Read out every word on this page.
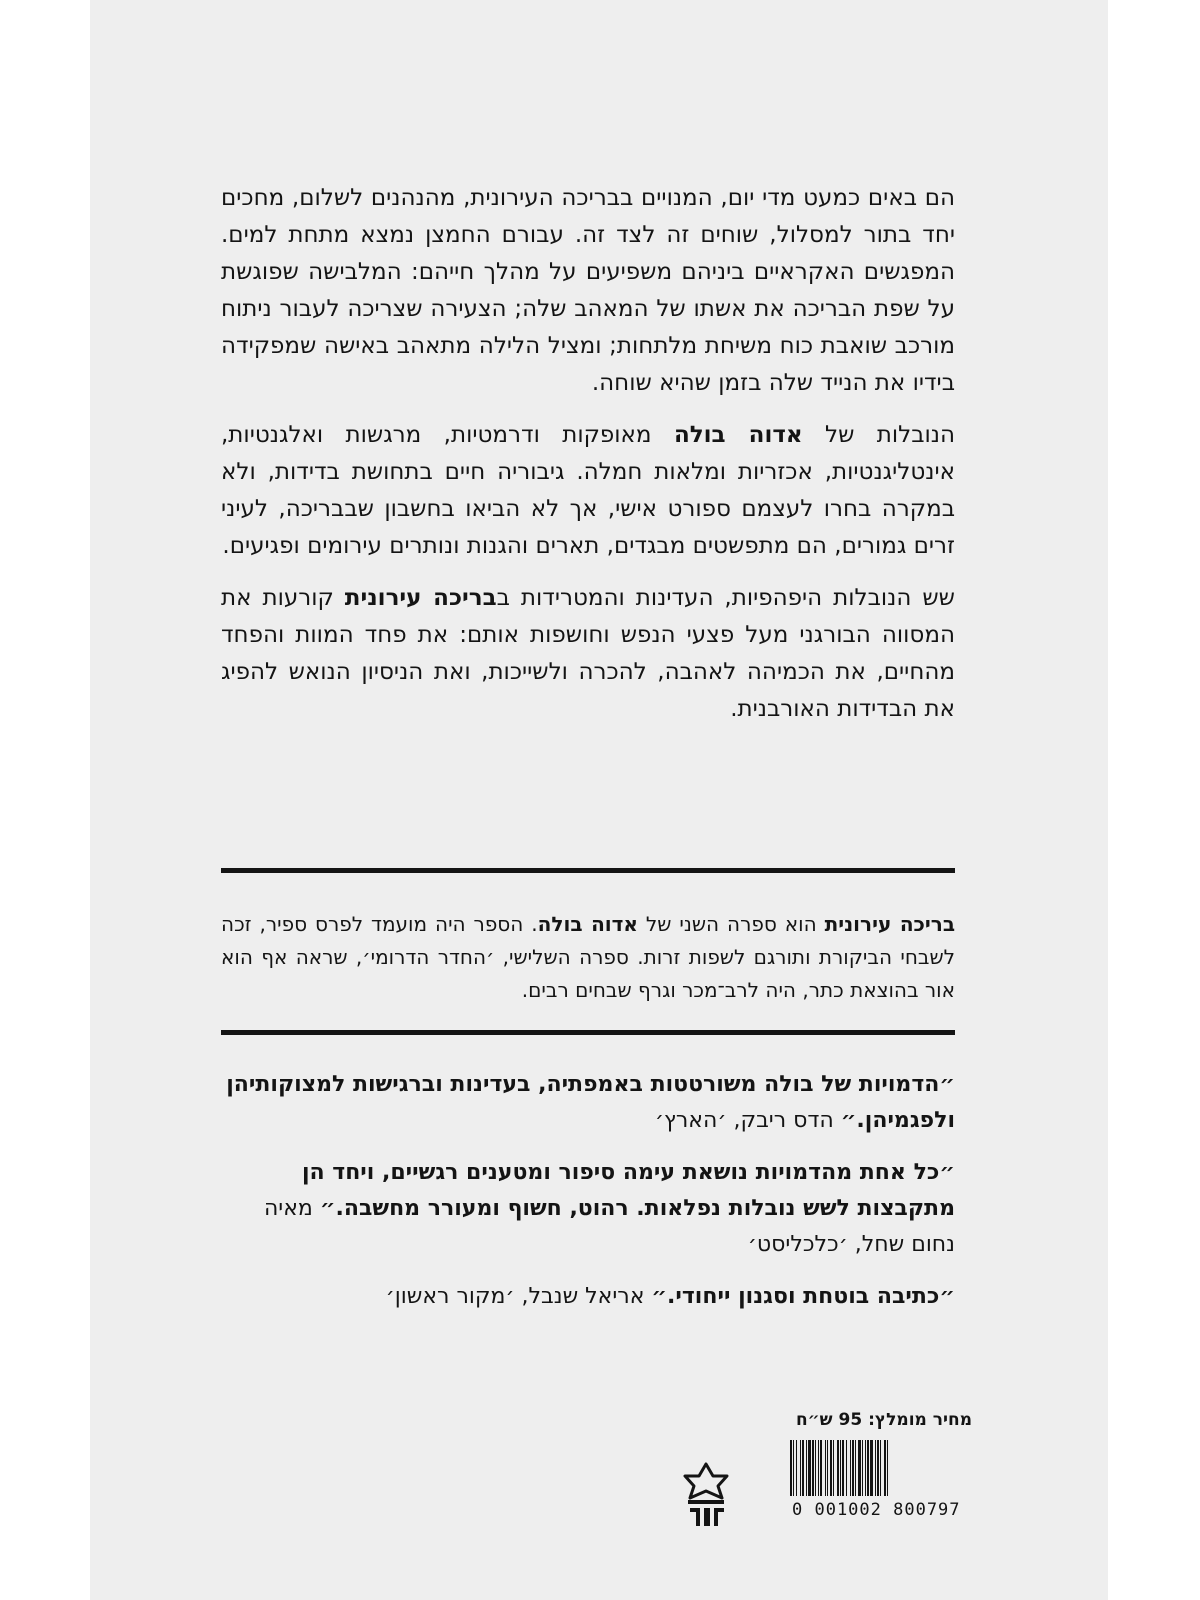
הם באים כמעט מדי יום, המנויים בבריכה העירונית, מהנהנים לשלום, מחכים יחד בתור למסלול, שוחים זה לצד זה. עבורם החמצן נמצא מתחת למים. המפגשים האקראיים ביניהם משפיעים על מהלך חייהם: המלבישה שפוגשת על שפת הבריכה את אשתו של המאהב שלה; הצעירה שצריכה לעבור ניתוח מורכב שואבת כוח משיחת מלתחות; ומציל הלילה מתאהב באישה שמפקידה בידיו את הנייד שלה בזמן שהיא שוחה.

הנובלות של אדוה בולה מאופקות ודרמטיות, מרגשות ואלגנטיות, אינטליגנטיות, אכזריות ומלאות חמלה. גיבוריה חיים בתחושת בדידות, ולא במקרה בחרו לעצמם ספורט אישי, אך לא הביאו בחשבון שבבריכה, לעיני זרים גמורים, הם מתפשטים מבגדים, תארים והגנות ונותרים עירומים ופגיעים.

שש הנובלות היפהפיות, העדינות והמטרידות בבריכה עירונית קורעות את המסווה הבורגני מעל פצעי הנפש וחושפות אותם: את פחד המוות והפחד מהחיים, את הכמיהה לאהבה, להכרה ולשייכות, ואת הניסיון הנואש להפיג את הבדידות האורבנית.

בריכה עירונית הוא ספרה השני של אדוה בולה. הספר היה מועמד לפרס ספיר, זכה לשבחי הביקורת ותורגם לשפות זרות. ספרה השלישי, ׳החדר הדרומי׳, שראה אף הוא אור בהוצאת כתר, היה לרב־מכר וגרף שבחים רבים.
״הדמויות של בולה משורטטות באמפתיה, בעדינות וברגישות למצוקותיהן ולפגמיהן.״ הדס ריבק, ׳הארץ׳
״כל אחת מהדמויות נושאת עימה סיפור ומטענים רגשיים, ויחד הן מתקבצות לשש נובלות נפלאות. רהוט, חשוף ומעורר מחשבה.״ מאיה נחום שחל, ׳כלכליסט׳
״כתיבה בוטחת וסגנון ייחודי.״ אריאל שנבל, ׳מקור ראשון׳
מחיר מומלץ: 95 ש״ח
0 001002 800797
